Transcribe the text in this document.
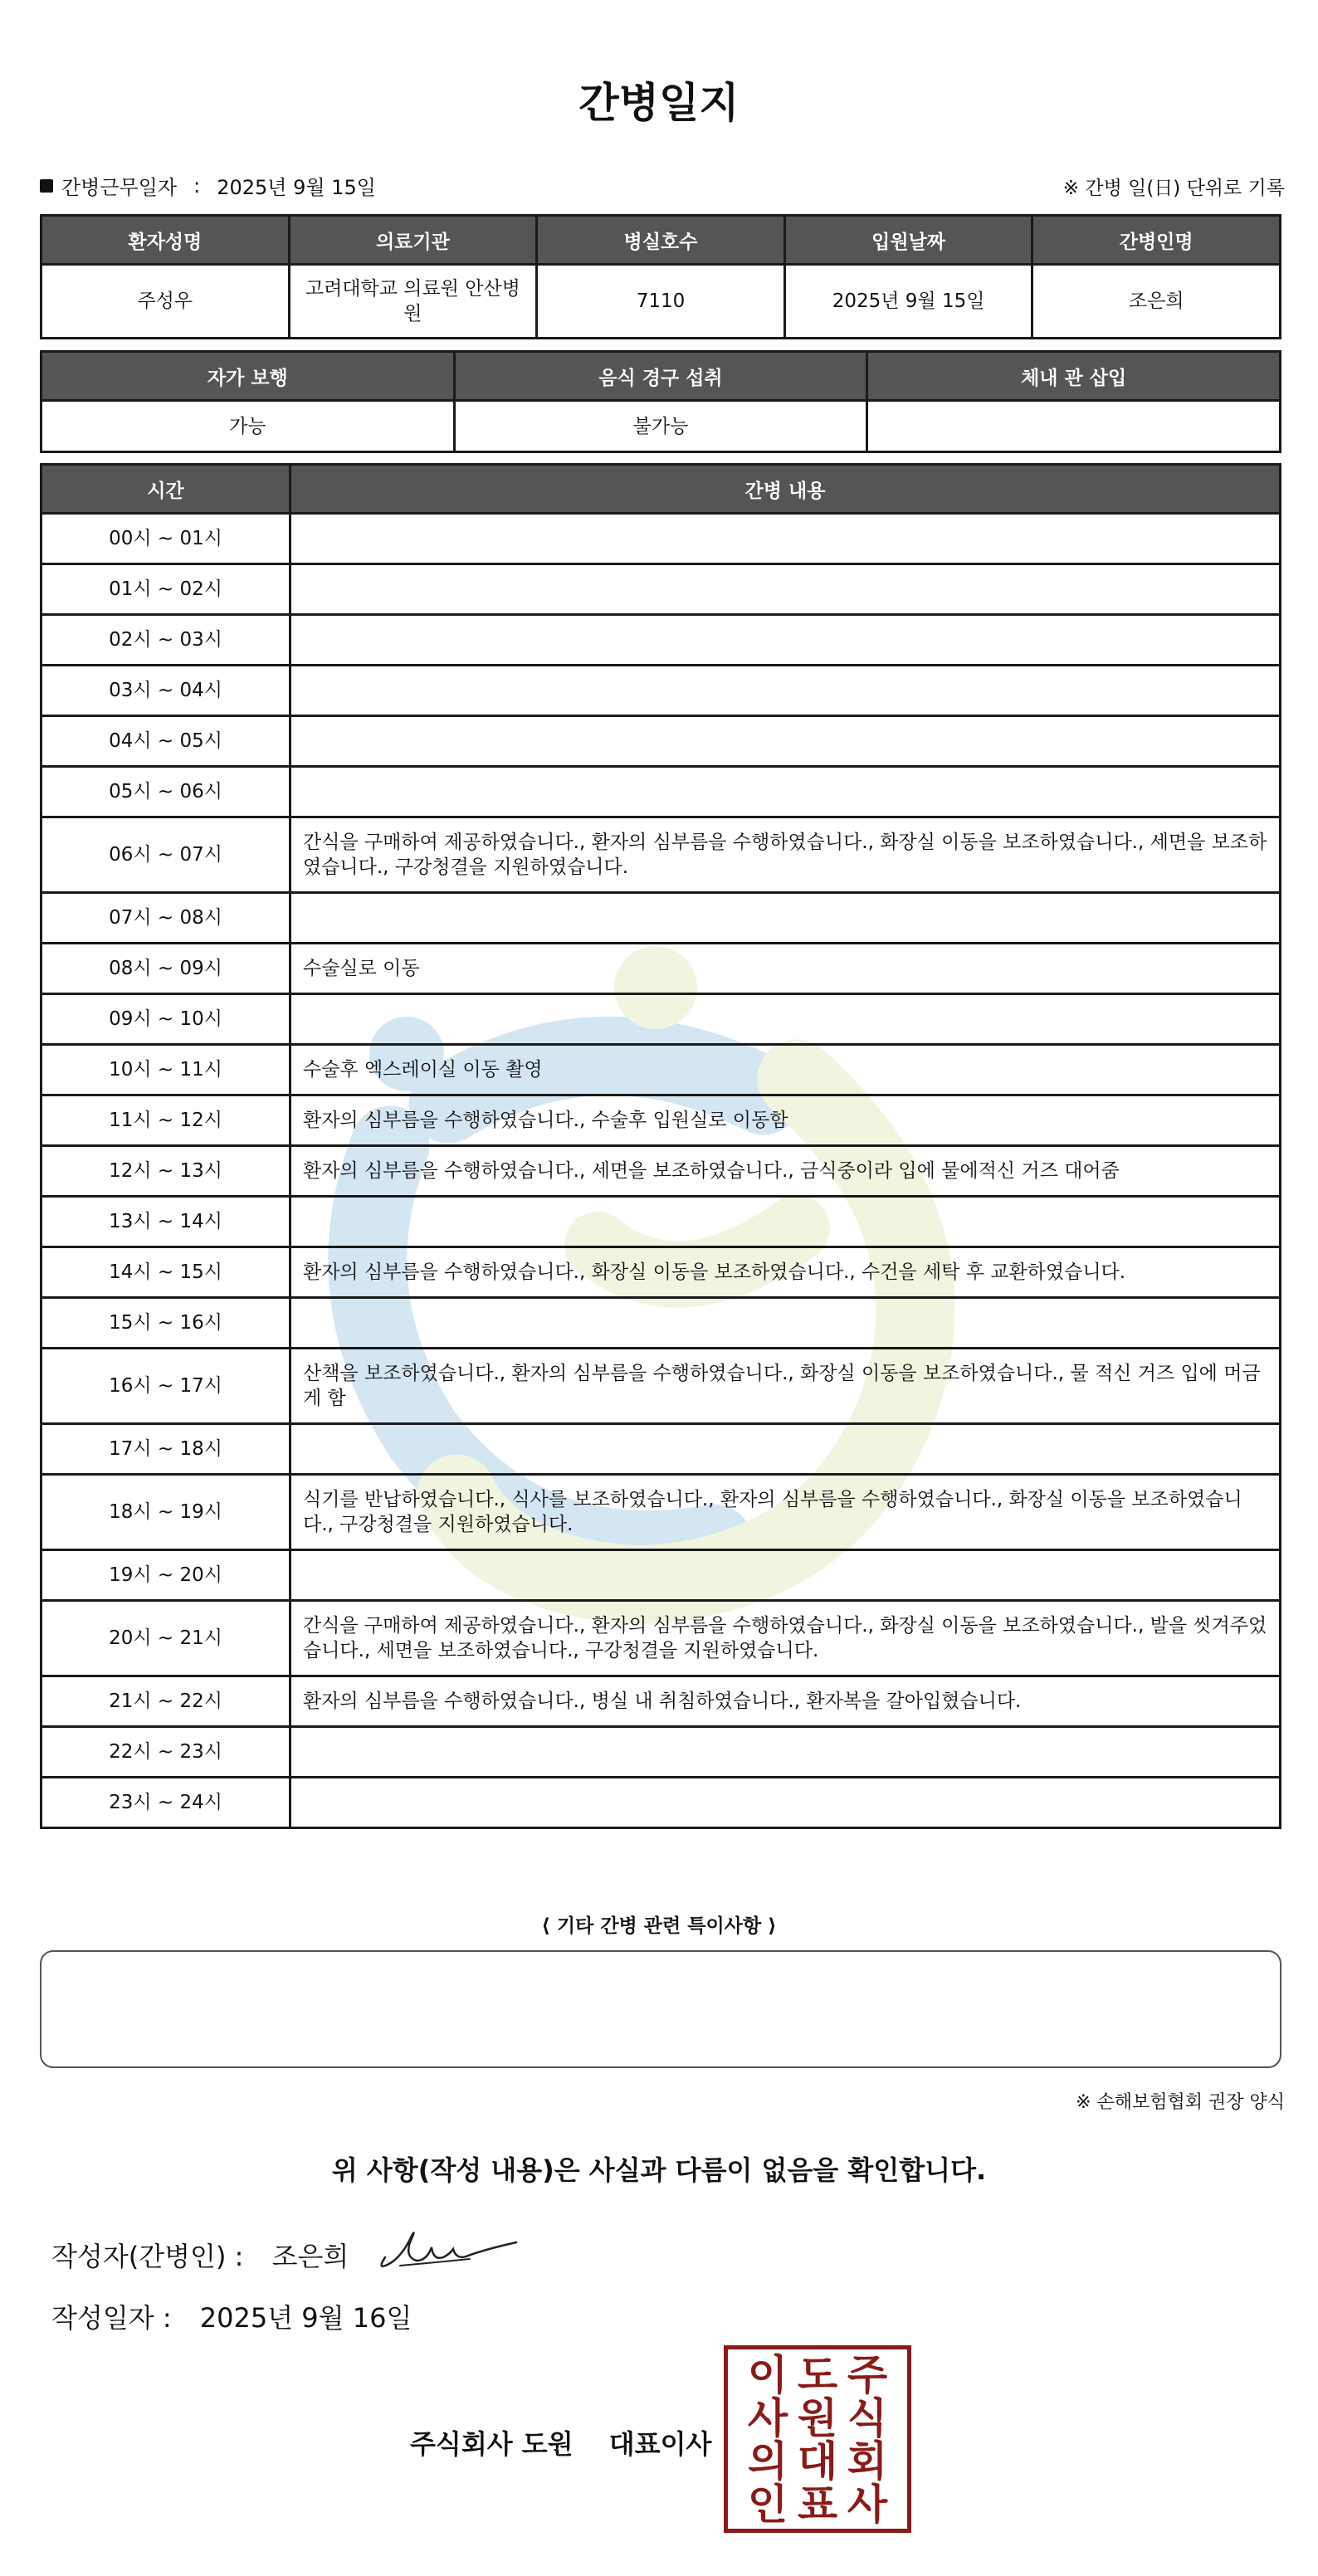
간병일지
간병근무일자 : 2025년 9월 15일	※ 간병 일(日) 단위로 기록
환자성명	의료기관	병실호수	입원날짜	간병인명
주성우	고려대학교 의료원 안산병원	7110	2025년 9월 15일	조은희
자가 보행	음식 경구 섭취	체내 관 삽입
가능	불가능	
시간	간병 내용
00시 ~ 01시	
01시 ~ 02시	
02시 ~ 03시	
03시 ~ 04시	
04시 ~ 05시	
05시 ~ 06시	
06시 ~ 07시	간식을 구매하여 제공하였습니다., 환자의 심부름을 수행하였습니다., 화장실 이동을 보조하였습니다., 세면을 보조하였습니다., 구강청결을 지원하였습니다.
07시 ~ 08시	
08시 ~ 09시	수술실로 이동
09시 ~ 10시	
10시 ~ 11시	수술후 엑스레이실 이동 촬영
11시 ~ 12시	환자의 심부름을 수행하였습니다., 수술후 입원실로 이동함
12시 ~ 13시	환자의 심부름을 수행하였습니다., 세면을 보조하였습니다., 금식중이라 입에 물에적신 거즈 대어줌
13시 ~ 14시	
14시 ~ 15시	환자의 심부름을 수행하였습니다., 화장실 이동을 보조하였습니다., 수건을 세탁 후 교환하였습니다.
15시 ~ 16시	
16시 ~ 17시	산책을 보조하였습니다., 환자의 심부름을 수행하였습니다., 화장실 이동을 보조하였습니다., 물 적신 거즈 입에 머금게 함
17시 ~ 18시	
18시 ~ 19시	식기를 반납하였습니다., 식사를 보조하였습니다., 환자의 심부름을 수행하였습니다., 화장실 이동을 보조하였습니다., 구강청결을 지원하였습니다.
19시 ~ 20시	
20시 ~ 21시	간식을 구매하여 제공하였습니다., 환자의 심부름을 수행하였습니다., 화장실 이동을 보조하였습니다., 발을 씻겨주었습니다., 세면을 보조하였습니다., 구강청결을 지원하였습니다.
21시 ~ 22시	환자의 심부름을 수행하였습니다., 병실 내 취침하였습니다., 환자복을 갈아입혔습니다.
22시 ~ 23시	
23시 ~ 24시	
⟨ 기타 간병 관련 특이사항 ⟩
※ 손해보험협회 권장 양식
위 사항(작성 내용)은 사실과 다름이 없음을 확인합니다.
작성자(간병인) : 조은희
작성일자 : 2025년 9월 16일
주식회사 도원 대표이사
주
식
회
사
도
원
대
표
이
사
의
인
